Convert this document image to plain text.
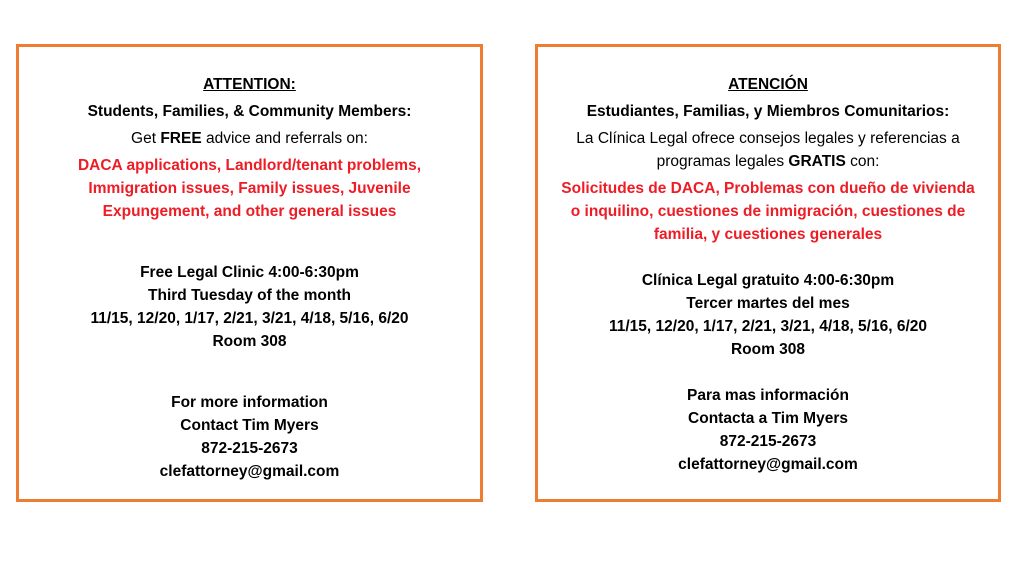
ATTENTION:

Students, Families, & Community Members:

Get FREE advice and referrals on:

DACA applications, Landlord/tenant problems,
Immigration issues, Family issues, Juvenile
Expungement, and other general issues

Free Legal Clinic 4:00-6:30pm
Third Tuesday of the month
11/15, 12/20, 1/17, 2/21, 3/21, 4/18, 5/16, 6/20
Room 308

For more information
Contact Tim Myers
872-215-2673
clefattorney@gmail.com

ATENCIÓN

Estudiantes, Familias, y Miembros Comunitarios:

La Clínica Legal ofrece consejos legales y referencias a
programas legales GRATIS con:

Solicitudes de DACA, Problemas con dueño de vivienda
o inquilino, cuestiones de inmigración, cuestiones de
familia, y cuestiones generales

Clínica Legal gratuito 4:00-6:30pm
Tercer martes del mes
11/15, 12/20, 1/17, 2/21, 3/21, 4/18, 5/16, 6/20
Room 308

Para mas información
Contacta a Tim Myers
872-215-2673
clefattorney@gmail.com
